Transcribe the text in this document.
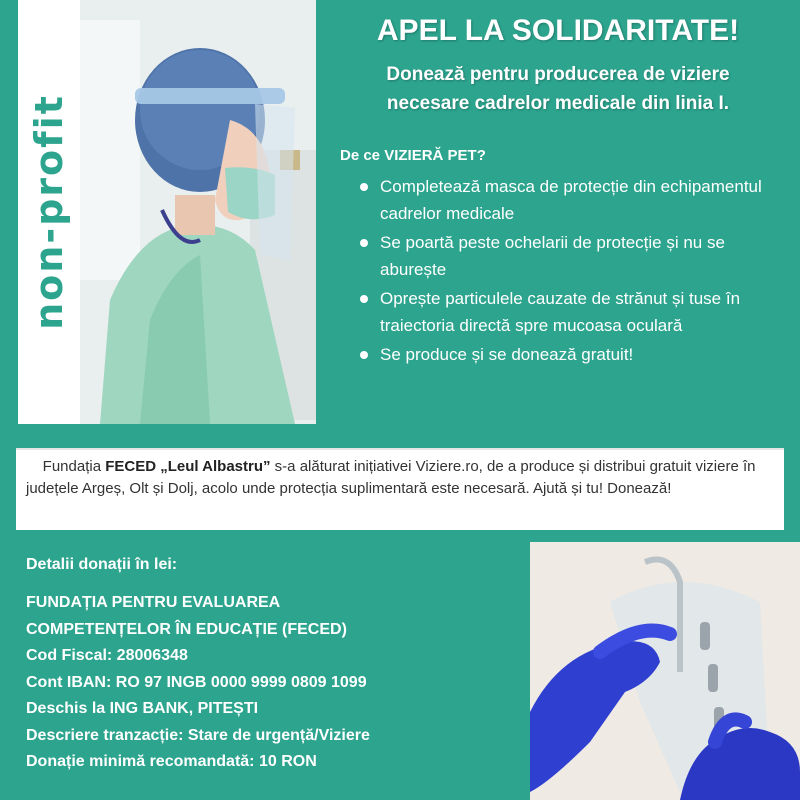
non-profit
APEL LA SOLIDARITATE!
Donează pentru producerea de viziere
necesare cadrelor medicale din linia I.
De ce VIZIERĂ PET?
Completează masca de protecție din echipamentul cadrelor medicale
Se poartă peste ochelarii de protecție și nu se aburește
Oprește particulele cauzate de strănut și tuse în traiectoria directă spre mucoasa oculară
Se produce și se donează gratuit!
Fundația FECED „Leul Albastru” s-a alăturat inițiativei Viziere.ro, de a produce și distribui gratuit viziere în județele Argeș, Olt și Dolj, acolo unde protecția suplimentară este necesară. Ajută și tu! Donează!
Detalii donații în lei:
FUNDAȚIA PENTRU EVALUAREA
COMPETENȚELOR ÎN EDUCAȚIE (FECED)
Cod Fiscal: 28006348
Cont IBAN: RO 97 INGB 0000 9999 0809 1099
Deschis la ING BANK, PITEȘTI
Descriere tranzacție: Stare de urgență/Viziere
Donație minimă recomandată: 10 RON
